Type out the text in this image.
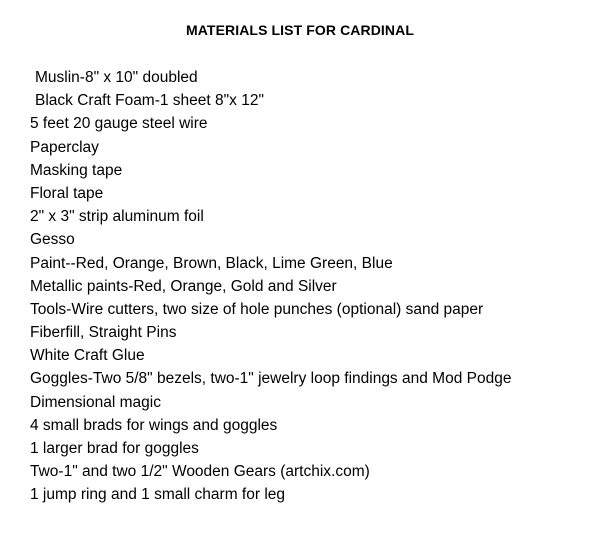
MATERIALS LIST FOR CARDINAL
Muslin-8" x 10" doubled
Black Craft Foam-1 sheet 8"x 12"
5 feet 20 gauge steel wire
Paperclay
Masking tape
Floral tape
2" x 3" strip aluminum foil
Gesso
Paint--Red, Orange, Brown, Black, Lime Green, Blue
Metallic paints-Red, Orange, Gold and Silver
Tools-Wire cutters, two size of hole punches (optional) sand paper
Fiberfill, Straight Pins
White Craft Glue
Goggles-Two 5/8" bezels, two-1" jewelry loop findings and Mod Podge
Dimensional magic
4 small brads for wings and goggles
1 larger brad for goggles
Two-1" and two 1/2" Wooden Gears (artchix.com)
1 jump ring and 1 small charm for leg
